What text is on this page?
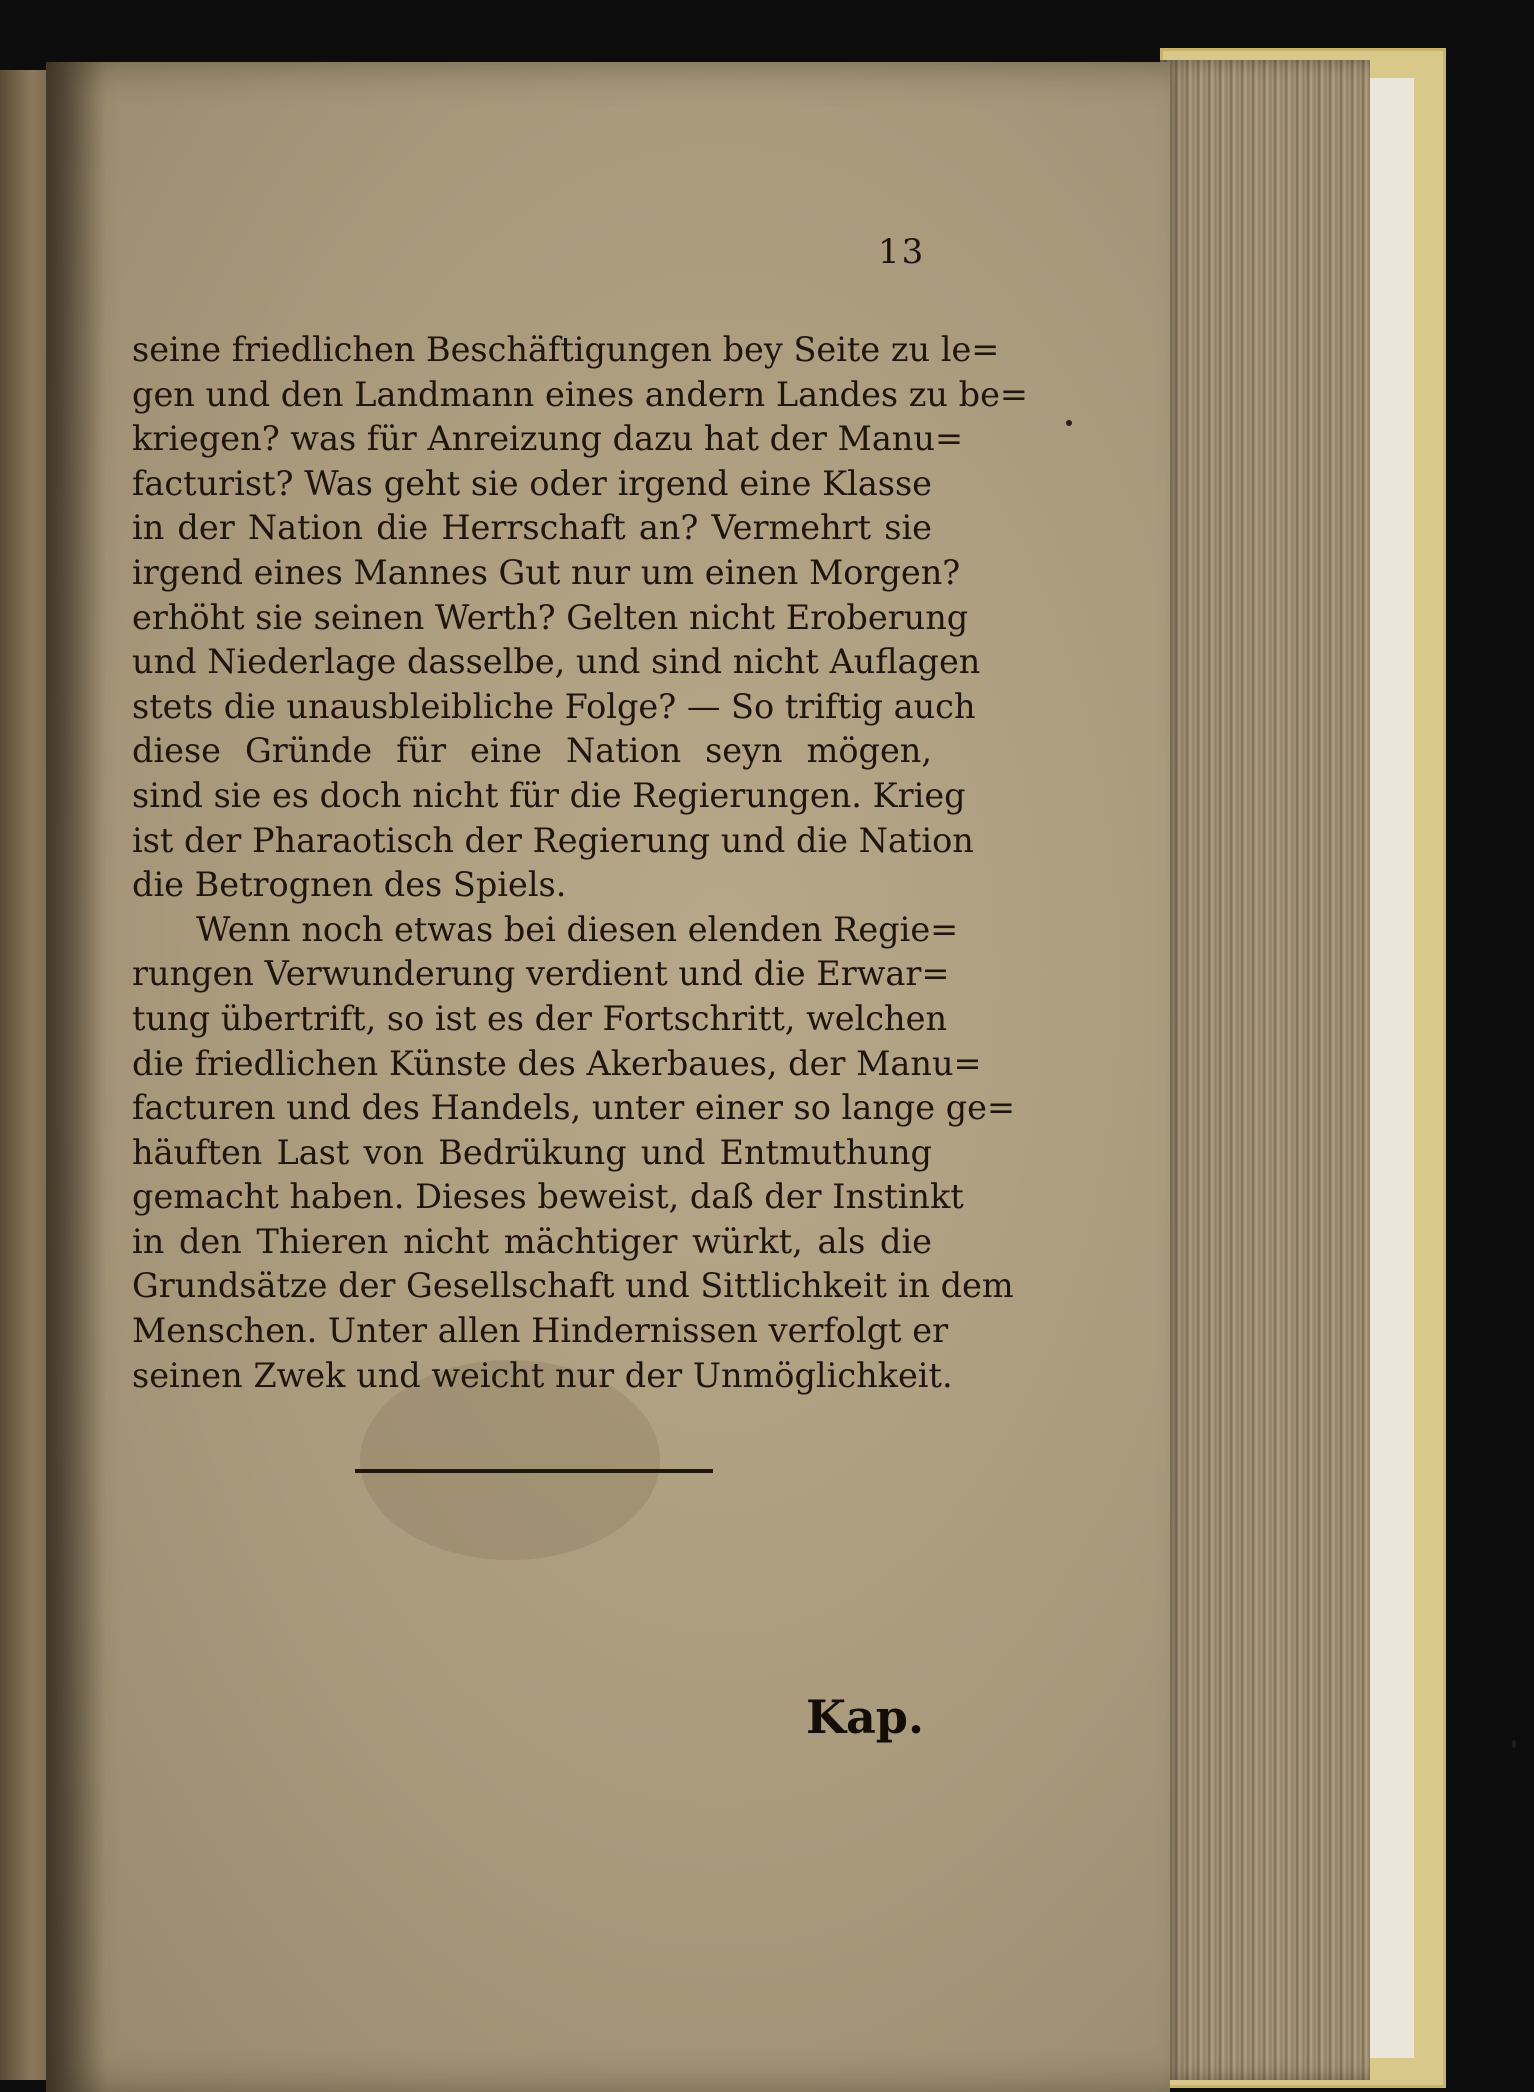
13
seine friedlichen Beschäftigungen bey Seite zu le=
gen und den Landmann eines andern Landes zu be=
kriegen? was für Anreizung dazu hat der Manu=
facturist? Was geht sie oder irgend eine Klasse
in der Nation die Herrschaft an? Vermehrt sie
irgend eines Mannes Gut nur um einen Morgen?
erhöht sie seinen Werth? Gelten nicht Eroberung
und Niederlage dasselbe, und sind nicht Auflagen
stets die unausbleibliche Folge? — So triftig auch
diese Gründe für eine Nation seyn mögen,
sind sie es doch nicht für die Regierungen. Krieg
ist der Pharaotisch der Regierung und die Nation
die Betrognen des Spiels.
Wenn noch etwas bei diesen elenden Regie=
rungen Verwunderung verdient und die Erwar=
tung übertrift, so ist es der Fortschritt, welchen
die friedlichen Künste des Akerbaues, der Manu=
facturen und des Handels, unter einer so lange ge=
häuften Last von Bedrükung und Entmuthung
gemacht haben. Dieses beweist, daß der Instinkt
in den Thieren nicht mächtiger würkt, als die
Grundsätze der Gesellschaft und Sittlichkeit in dem
Menschen. Unter allen Hindernissen verfolgt er
seinen Zwek und weicht nur der Unmöglichkeit.
Kap.
